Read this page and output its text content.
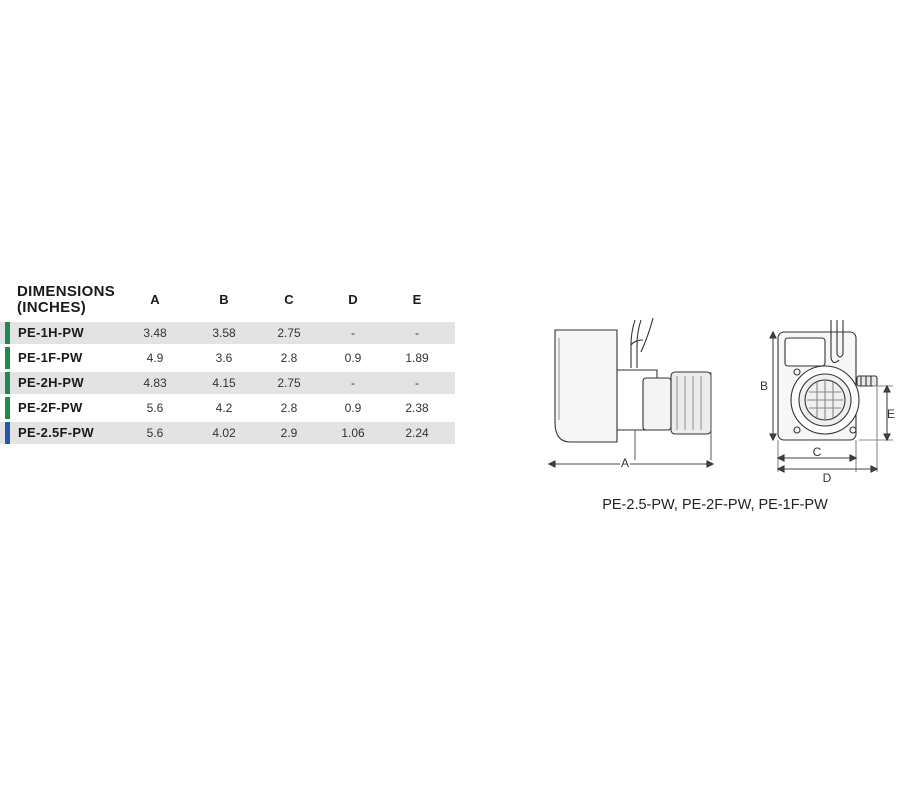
DIMENSIONS
(INCHES)	A	B	C	D	E
PE-1H-PW	3.48	3.58	2.75	-	-
PE-1F-PW	4.9	3.6	2.8	0.9	1.89
PE-2H-PW	4.83	4.15	2.75	-	-
PE-2F-PW	5.6	4.2	2.8	0.9	2.38
PE-2.5F-PW	5.6	4.02	2.9	1.06	2.24
A
B
E
C
D
PE-2.5-PW, PE-2F-PW, PE-1F-PW
